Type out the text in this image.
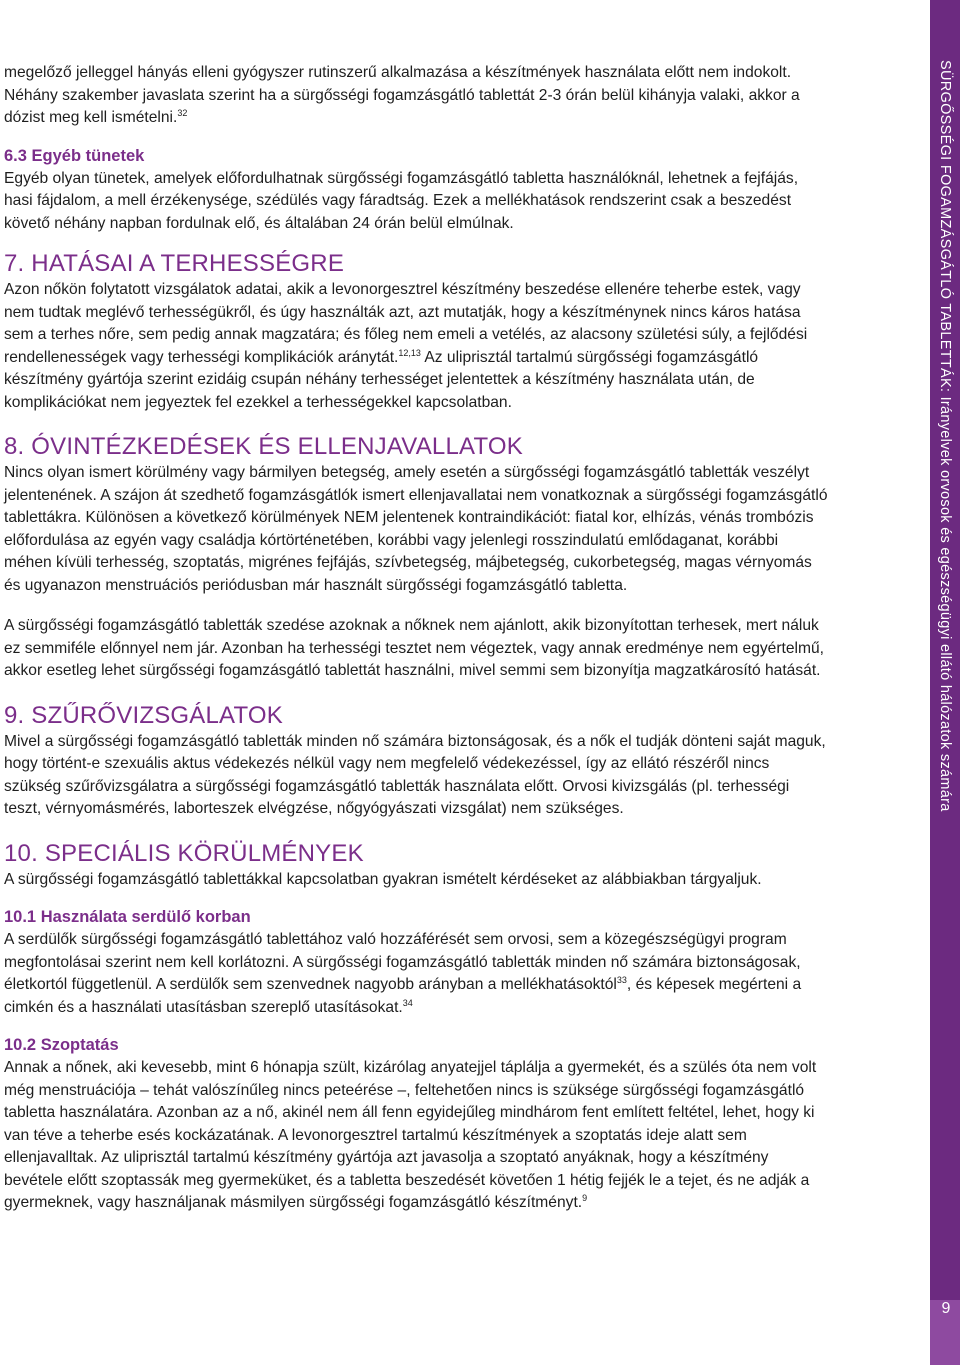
SÜRGŐSSÉGI FOGAMZÁSGÁTLÓ TABLETTÁK: Irányelvek orvosok és egészségügyi ellátó hálózatok számára
9

megelőző jelleggel hányás elleni gyógyszer rutinszerű alkalmazása a készítmények használata előtt nem indokolt. Néhány szakember javaslata szerint ha a sürgősségi fogamzásgátló tablettát 2-3 órán belül kihányja valaki, akkor a dózist meg kell ismételni.$^{32}$

6.3 Egyéb tünetek

Egyéb olyan tünetek, amelyek előfordulhatnak sürgősségi fogamzásgátló tabletta használóknál, lehetnek a fejfájás, hasi fájdalom, a mell érzékenysége, szédülés vagy fáradtság. Ezek a mellékhatások rendszerint csak a beszedést követő néhány napban fordulnak elő, és általában 24 órán belül elmúlnak.

7. HATÁSAI A TERHESSÉGRE

Azon nőkön folytatott vizsgálatok adatai, akik a levonorgesztrel készítmény beszedése ellenére teherbe estek, vagy nem tudtak meglévő terhességükről, és úgy használták azt, azt mutatják, hogy a készítménynek nincs káros hatása sem a terhes nőre, sem pedig annak magzatára; és főleg nem emeli a vetélés, az alacsony születési súly, a fejlődési rendellenességek vagy terhességi komplikációk aránytát.$^{12,13}$ Az uliprisztál tartalmú sürgősségi fogamzásgátló készítmény gyártója szerint ezidáig csupán néhány terhességet jelentettek a készítmény használata után, de komplikációkat nem jegyeztek fel ezekkel a terhességekkel kapcsolatban.

8. ÓVINTÉZKEDÉSEK ÉS ELLENJAVALLATOK

Nincs olyan ismert körülmény vagy bármilyen betegség, amely esetén a sürgősségi fogamzásgátló tabletták veszélyt jelentenének. A szájon át szedhető fogamzásgátlók ismert ellenjavallatai nem vonatkoznak a sürgősségi fogamzásgátló tablettákra. Különösen a következő körülmények NEM jelentenek kontraindikációt: fiatal kor, elhízás, vénás trombózis előfordulása az egyén vagy családja kórtörténetében, korábbi vagy jelenlegi rosszindulatú emlődaganat, korábbi méhen kívüli terhesség, szoptatás, migrénes fejfájás, szívbetegség, májbetegség, cukorbetegség, magas vérnyomás és ugyanazon menstruációs periódusban már használt sürgősségi fogamzásgátló tabletta.

A sürgősségi fogamzásgátló tabletták szedése azoknak a nőknek nem ajánlott, akik bizonyítottan terhesek, mert náluk ez semmiféle előnnyel nem jár. Azonban ha terhességi tesztet nem végeztek, vagy annak eredménye nem egyértelmű, akkor esetleg lehet sürgősségi fogamzásgátló tablettát használni, mivel semmi sem bizonyítja magzatkárosító hatását.

9. SZŰRŐVIZSGÁLATOK

Mivel a sürgősségi fogamzásgátló tabletták minden nő számára biztonságosak, és a nők el tudják dönteni saját maguk, hogy történt-e szexuális aktus védekezés nélkül vagy nem megfelelő védekezéssel, így az ellátó részéről nincs szükség szűrővizsgálatra a sürgősségi fogamzásgátló tabletták használata előtt. Orvosi kivizsgálás (pl. terhességi teszt, vérnyomásmérés, laborteszek elvégzése, nőgyógyászati vizsgálat) nem szükséges.

10. SPECIÁLIS KÖRÜLMÉNYEK

A sürgősségi fogamzásgátló tablettákkal kapcsolatban gyakran ismételt kérdéseket az alábbiakban tárgyaljuk.

10.1 Használata serdülő korban

A serdülők sürgősségi fogamzásgátló tablettához való hozzáférését sem orvosi, sem a közegészségügyi program megfontolásai szerint nem kell korlátozni. A sürgősségi fogamzásgátló tabletták minden nő számára biztonságosak, életkortól függetlenül. A serdülők sem szenvednek nagyobb arányban a mellékhatásoktól$^{33}$, és képesek megérteni a cimkén és a használati utasításban szereplő utasításokat.$^{34}$

10.2 Szoptatás

Annak a nőnek, aki kevesebb, mint 6 hónapja szült, kizárólag anyatejjel táplálja a gyermekét, és a szülés óta nem volt még menstruációja – tehát valószínűleg nincs peteérése –, feltehetően nincs is szüksége sürgősségi fogamzásgátló tabletta használatára. Azonban az a nő, akinél nem áll fenn egyidejűleg mindhárom fent említett feltétel, lehet, hogy ki van téve a teherbe esés kockázatának. A levonorgesztrel tartalmú készítmények a szoptatás ideje alatt sem ellenjavalltak. Az uliprisztál tartalmú készítmény gyártója azt javasolja a szoptató anyáknak, hogy a készítmény bevétele előtt szoptassák meg gyermeküket, és a tabletta beszedését követően 1 hétig fejjék le a tejet, és ne adják a gyermeknek, vagy használjanak másmilyen sürgősségi fogamzásgátló készítményt.$^9$
